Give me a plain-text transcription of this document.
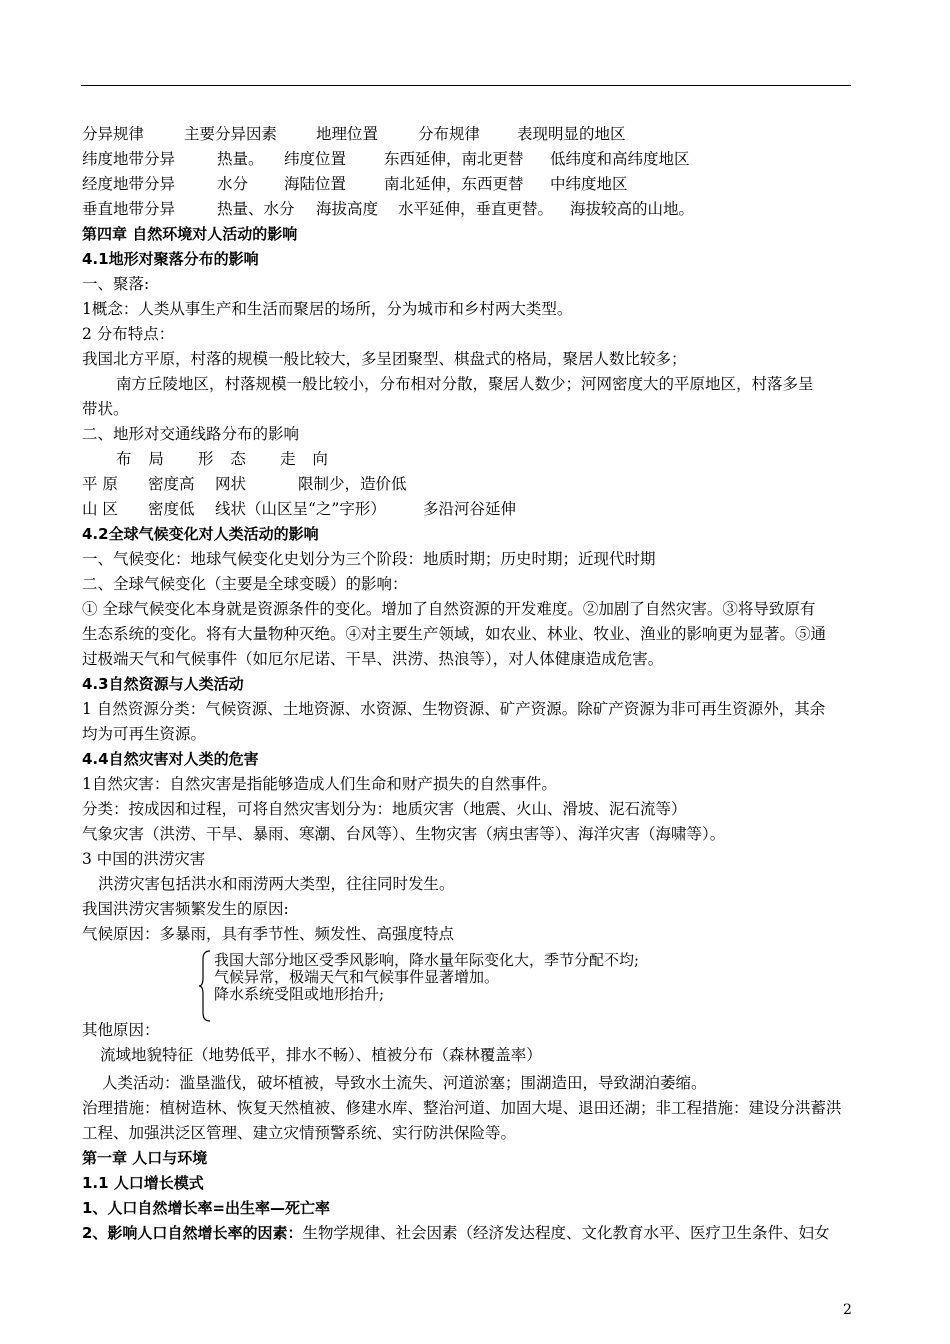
分异规律	主要分异因素	地理位置	分布规律 表现明显的地区
纬度地带分异	热量。 纬度位置 东西延伸，南北更替 低纬度和高纬度地区
经度地带分异	水分 海陆位置 南北延伸，东西更替 中纬度地区
垂直地带分异	热量、水分 海拔高度 水平延伸，垂直更替。 海拔较高的山地。
第四章 自然环境对人活动的影响
4.1地形对聚落分布的影响
一、聚落:
1概念：人类从事生产和生活而聚居的场所，分为城市和乡村两大类型。
2 分布特点：
我国北方平原，村落的规模一般比较大，多呈团聚型、棋盘式的格局，聚居人数比较多；
南方丘陵地区，村落规模一般比较小，分布相对分散，聚居人数少；河网密度大的平原地区，村落多呈
带状。
二、地形对交通线路分布的影响
布 局 形 态 走 向
平 原 密度高 网状	限制少，造价低
山 区 密度低 线状（山区呈“之”字形） 多沿河谷延伸
4.2全球气候变化对人类活动的影响
一、气候变化：地球气候变化史划分为三个阶段：地质时期；历史时期；近现代时期
二、全球气候变化（主要是全球变暖）的影响：
① 全球气候变化本身就是资源条件的变化。增加了自然资源的开发难度。②加剧了自然灾害。③将导致原有
生态系统的变化。将有大量物种灭绝。④对主要生产领域，如农业、林业、牧业、渔业的影响更为显著。⑤通
过极端天气和气候事件（如厄尔尼诺、干旱、洪涝、热浪等），对人体健康造成危害。
4.3自然资源与人类活动
1 自然资源分类：气候资源、土地资源、水资源、生物资源、矿产资源。除矿产资源为非可再生资源外，其余
均为可再生资源。
4.4自然灾害对人类的危害
1自然灾害：自然灾害是指能够造成人们生命和财产损失的自然事件。
分类：按成因和过程，可将自然灾害划分为：地质灾害（地震、火山、滑坡、泥石流等）
气象灾害（洪涝、干旱、暴雨、寒潮、台风等）、生物灾害（病虫害等）、海洋灾害（海啸等）。
3 中国的洪涝灾害
洪涝灾害包括洪水和雨涝两大类型，往往同时发生。
我国洪涝灾害频繁发生的原因:
气候原因：多暴雨，具有季节性、频发性、高强度特点
我国大部分地区受季风影响，降水量年际变化大，季节分配不均;
气候异常，极端天气和气候事件显著增加。
降水系统受阻或地形抬升;
其他原因：
流域地貌特征（地势低平，排水不畅）、植被分布（森林覆盖率）
人类活动：滥垦滥伐，破坏植被，导致水土流失、河道淤塞；围湖造田，导致湖泊萎缩。
治理措施：植树造林、恢复天然植被、修建水库、整治河道、加固大堤、退田还湖；非工程措施：建设分洪蓄洪
工程、加强洪泛区管理、建立灾情预警系统、实行防洪保险等。
第一章 人口与环境
1.1 人口增长模式
1、人口自然增长率=出生率—死亡率
2、影响人口自然增长率的因素：生物学规律、社会因素（经济发达程度、文化教育水平、医疗卫生条件、妇女
2
